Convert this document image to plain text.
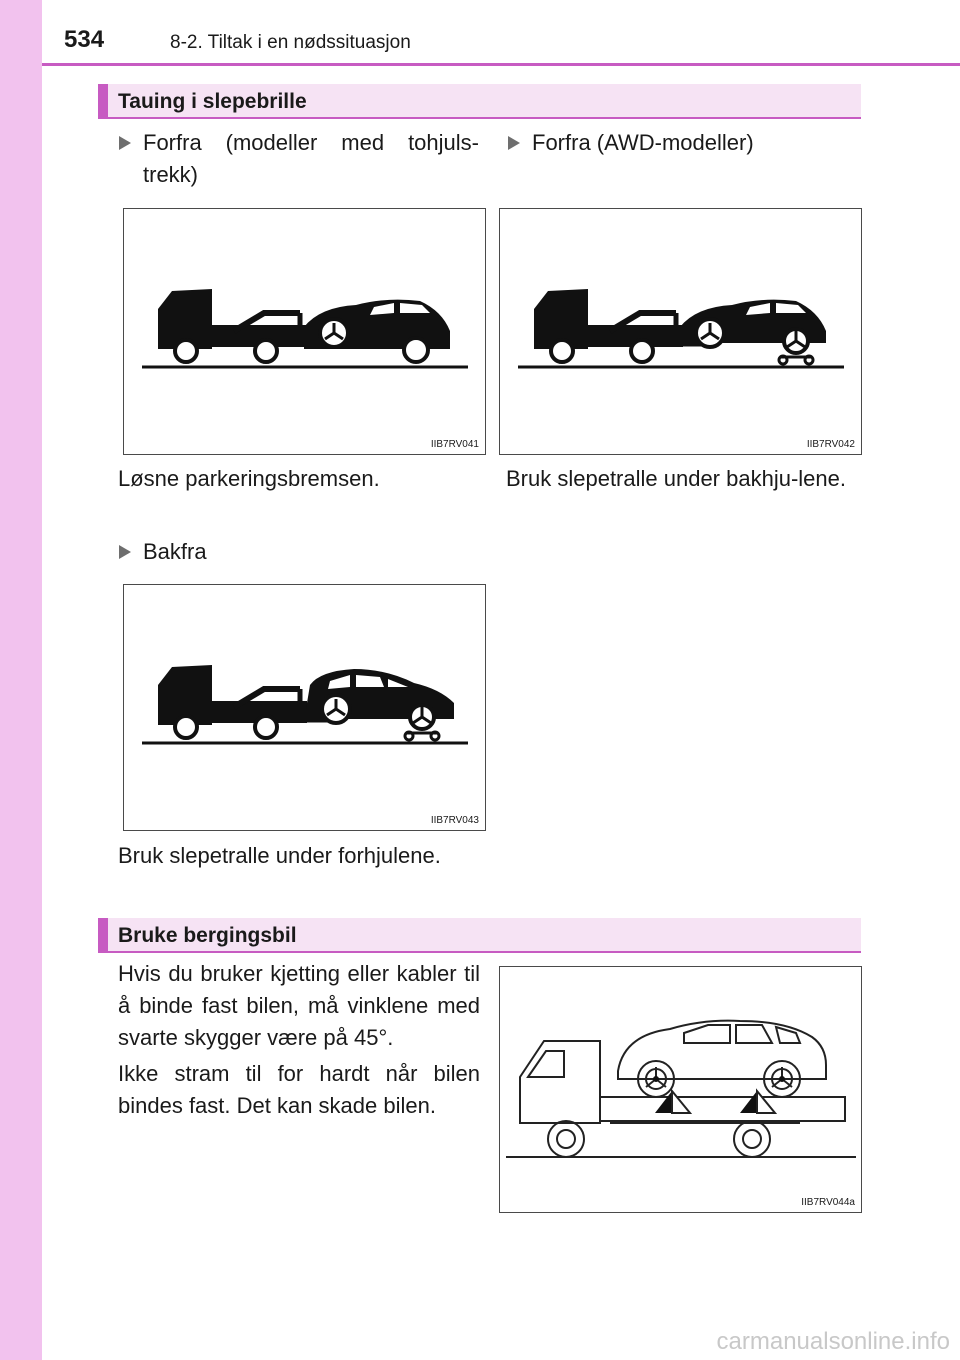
534	8-2. Tiltak i en nødssituasjon
Tauing i slepebrille
Forfra (modeller med tohjuls-trekk)
Forfra (AWD-modeller)
IIB7RV041	IIB7RV042
Løsne parkeringsbremsen.	Bruk slepetralle under bakhju-lene.
Bakfra
IIB7RV043
Bruk slepetralle under forhjulene.
Bruke bergingsbil
Hvis du bruker kjetting eller kabler til å binde fast bilen, må vinklene med svarte skygger være på 45°.
Ikke stram til for hardt når bilen bindes fast. Det kan skade bilen.
IIB7RV044a
carmanualsonline.info
